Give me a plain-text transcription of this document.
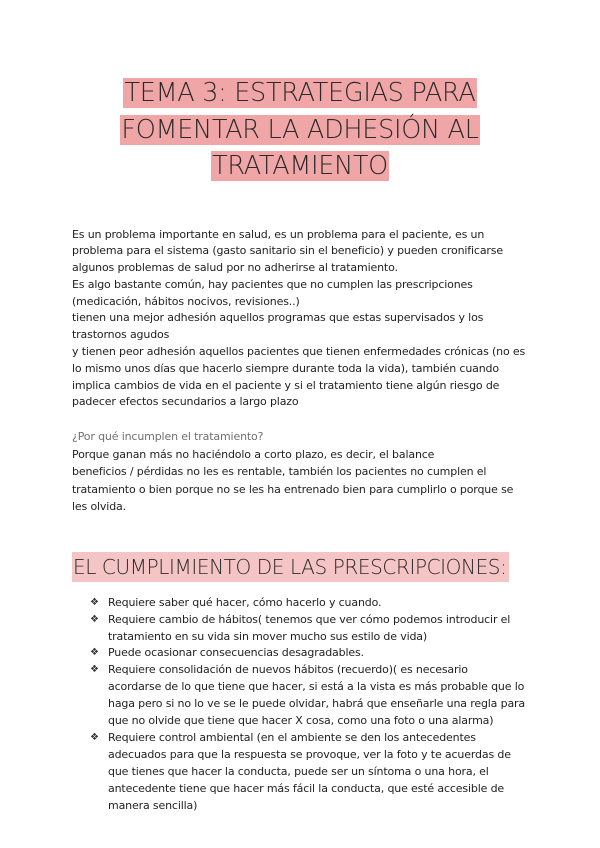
TEMA 3: ESTRATEGIAS PARA
FOMENTAR LA ADHESIÓN AL
TRATAMIENTO

Es un problema importante en salud, es un problema para el paciente, es un

problema para el sistema (gasto sanitario sin el beneficio) y pueden cronificarse

algunos problemas de salud por no adherirse al tratamiento.

Es algo bastante común, hay pacientes que no cumplen las prescripciones

(medicación, hábitos nocivos, revisiones..)

tienen una mejor adhesión aquellos programas que estas supervisados y los

trastornos agudos

y tienen peor adhesión aquellos pacientes que tienen enfermedades crónicas (no es

lo mismo unos días que hacerlo siempre durante toda la vida), también cuando

implica cambios de vida en el paciente y si el tratamiento tiene algún riesgo de

padecer efectos secundarios a largo plazo

¿Por qué incumplen el tratamiento?

Porque ganan más no haciéndolo a corto plazo, es decir, el balance

beneficios / pérdidas no les es rentable, también los pacientes no cumplen el

tratamiento o bien porque no se les ha entrenado bien para cumplirlo o porque se

les olvida.

EL CUMPLIMIENTO DE LAS PRESCRIPCIONES:
❖ Requiere saber qué hacer, cómo hacerlo y cuando.
❖ Requiere cambio de hábitos( tenemos que ver cómo podemos introducir el
tratamiento en su vida sin mover mucho sus estilo de vida)
❖ Puede ocasionar consecuencias desagradables.
❖ Requiere consolidación de nuevos hábitos (recuerdo)( es necesario
acordarse de lo que tiene que hacer, si está a la vista es más probable que lo
haga pero si no lo ve se le puede olvidar, habrá que enseñarle una regla para
que no olvide que tiene que hacer X cosa, como una foto o una alarma)
❖ Requiere control ambiental (en el ambiente se den los antecedentes
adecuados para que la respuesta se provoque, ver la foto y te acuerdas de
que tienes que hacer la conducta, puede ser un síntoma o una hora, el
antecedente tiene que hacer más fácil la conducta, que esté accesible de
manera sencilla)
